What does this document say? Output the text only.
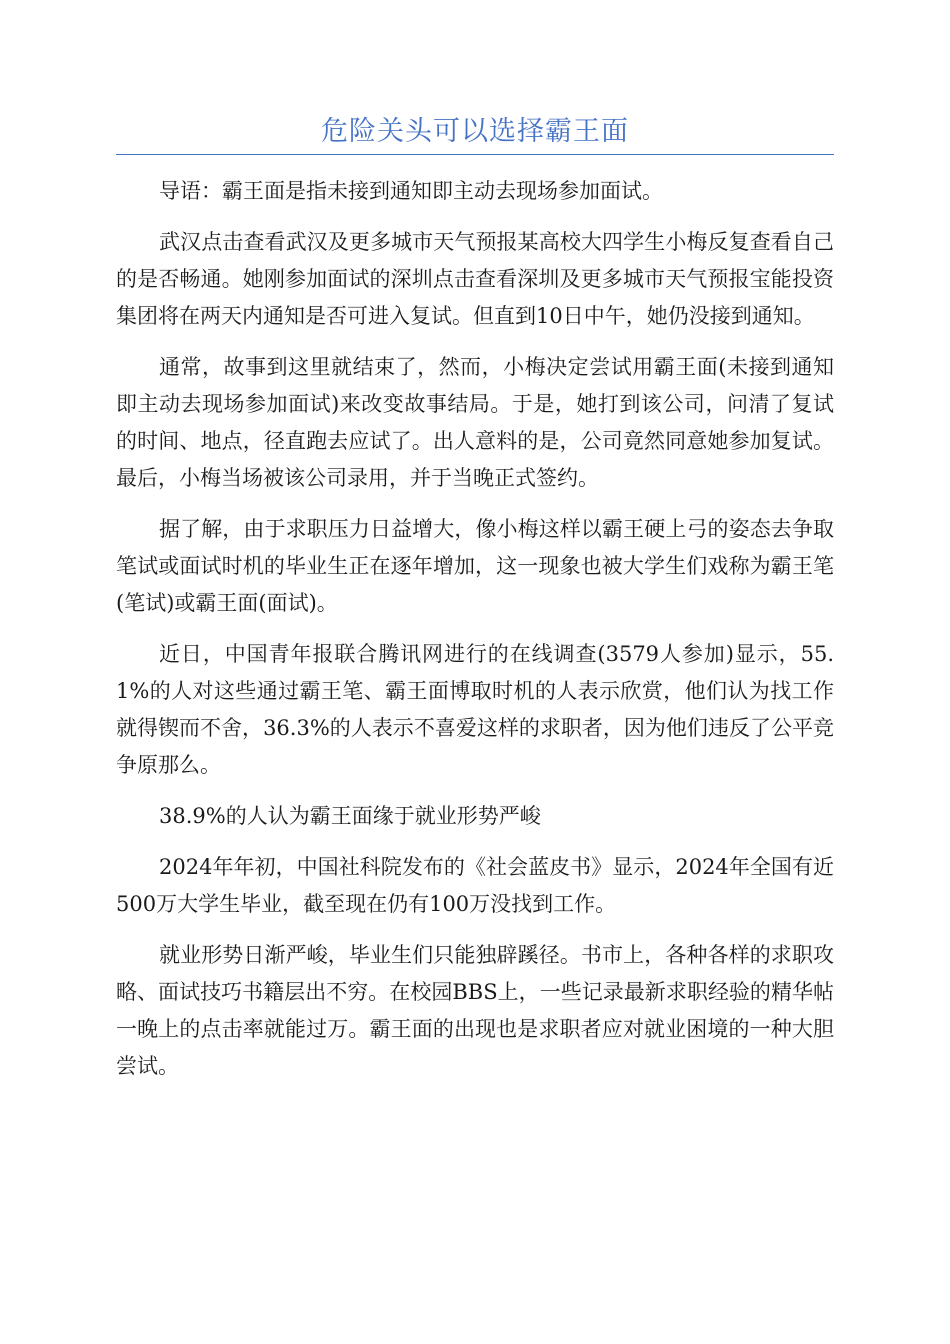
危险关头可以选择霸王面

导语：霸王面是指未接到通知即主动去现场参加面试。

武汉点击查看武汉及更多城市天气预报某高校大四学生小梅反复查看自己的是否畅通。她刚参加面试的深圳点击查看深圳及更多城市天气预报宝能投资集团将在两天内通知是否可进入复试。但直到10日中午，她仍没接到通知。

通常，故事到这里就结束了，然而，小梅决定尝试用霸王面(未接到通知即主动去现场参加面试)来改变故事结局。于是，她打到该公司，问清了复试的时间、地点，径直跑去应试了。出人意料的是，公司竟然同意她参加复试。最后，小梅当场被该公司录用，并于当晚正式签约。

据了解，由于求职压力日益增大，像小梅这样以霸王硬上弓的姿态去争取笔试或面试时机的毕业生正在逐年增加，这一现象也被大学生们戏称为霸王笔(笔试)或霸王面(面试)。

近日，中国青年报联合腾讯网进行的在线调查(3579人参加)显示，55.1%的人对这些通过霸王笔、霸王面博取时机的人表示欣赏，他们认为找工作就得锲而不舍，36.3%的人表示不喜爱这样的求职者，因为他们违反了公平竞争原那么。

38.9%的人认为霸王面缘于就业形势严峻

2024年年初，中国社科院发布的《社会蓝皮书》显示，2024年全国有近500万大学生毕业，截至现在仍有100万没找到工作。

就业形势日渐严峻，毕业生们只能独辟蹊径。书市上，各种各样的求职攻略、面试技巧书籍层出不穷。在校园BBS上，一些记录最新求职经验的精华帖一晚上的点击率就能过万。霸王面的出现也是求职者应对就业困境的一种大胆尝试。
